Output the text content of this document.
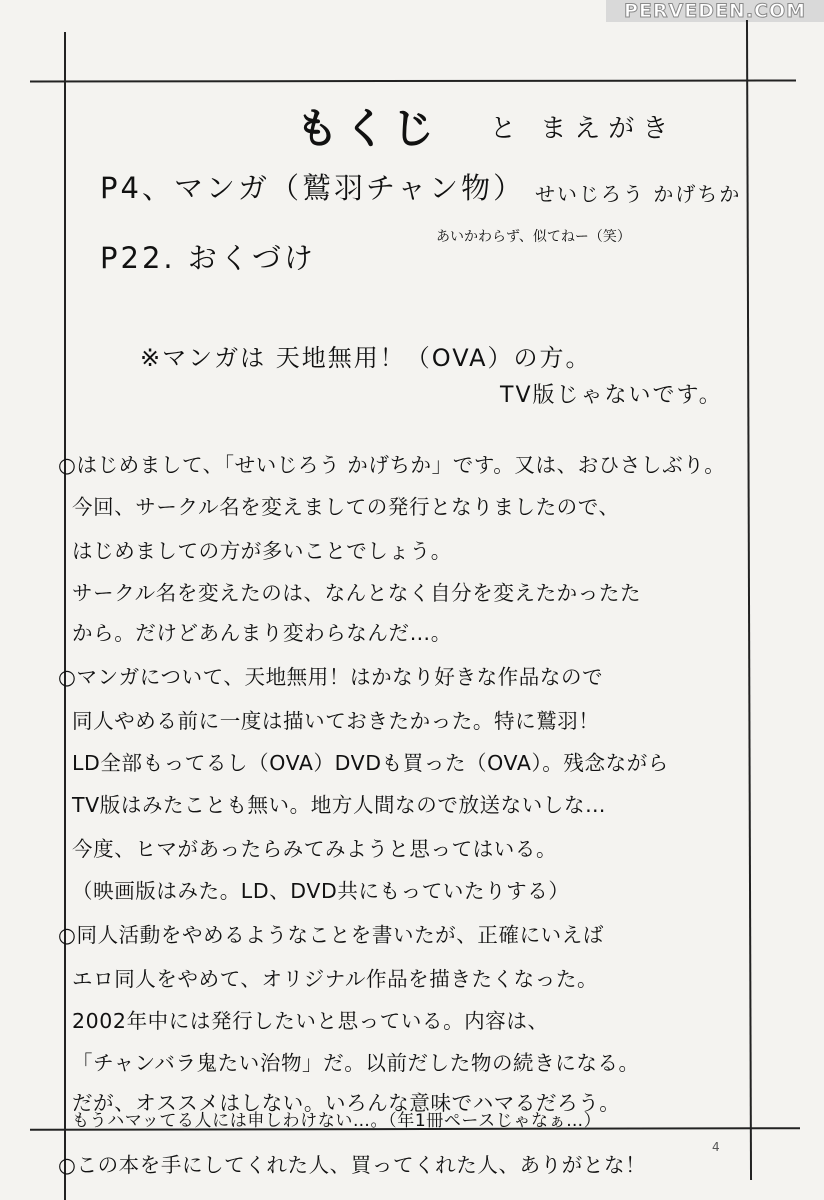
PERVEDEN.COM
もくじ と まえがき
P4、マンガ（鷲羽チャン物） せいじろう かげちか
あいかわらず、似てねー（笑）
P22. おくづけ
※マンガは 天地無用！（OVA）の方。
TV版じゃないです。
○はじめまして、「せいじろう かげちか」です。又は、おひさしぶり。
今回、サークル名を変えましての発行となりましたので、
はじめましての方が多いことでしょう。
サークル名を変えたのは、なんとなく自分を変えたかったた
から。だけどあんまり変わらなんだ…。
○マンガについて、天地無用！はかなり好きな作品なので
同人やめる前に一度は描いておきたかった。特に鷲羽！
LD全部もってるし（OVA）DVDも買った（OVA）。残念ながら
TV版はみたことも無い。地方人間なので放送ないしな…
今度、ヒマがあったらみてみようと思ってはいる。
（映画版はみた。LD、DVD共にもっていたりする）
○同人活動をやめるようなことを書いたが、正確にいえば
エロ同人をやめて、オリジナル作品を描きたくなった。
2002年中には発行したいと思っている。内容は、
「チャンバラ鬼たい治物」だ。以前だした物の続きになる。
だが、オススメはしない。いろんな意味でハマるだろう。
もうハマッてる人には申しわけない…。（年1冊ペースじゃなぁ…）
○この本を手にしてくれた人、買ってくれた人、ありがとな！
4
